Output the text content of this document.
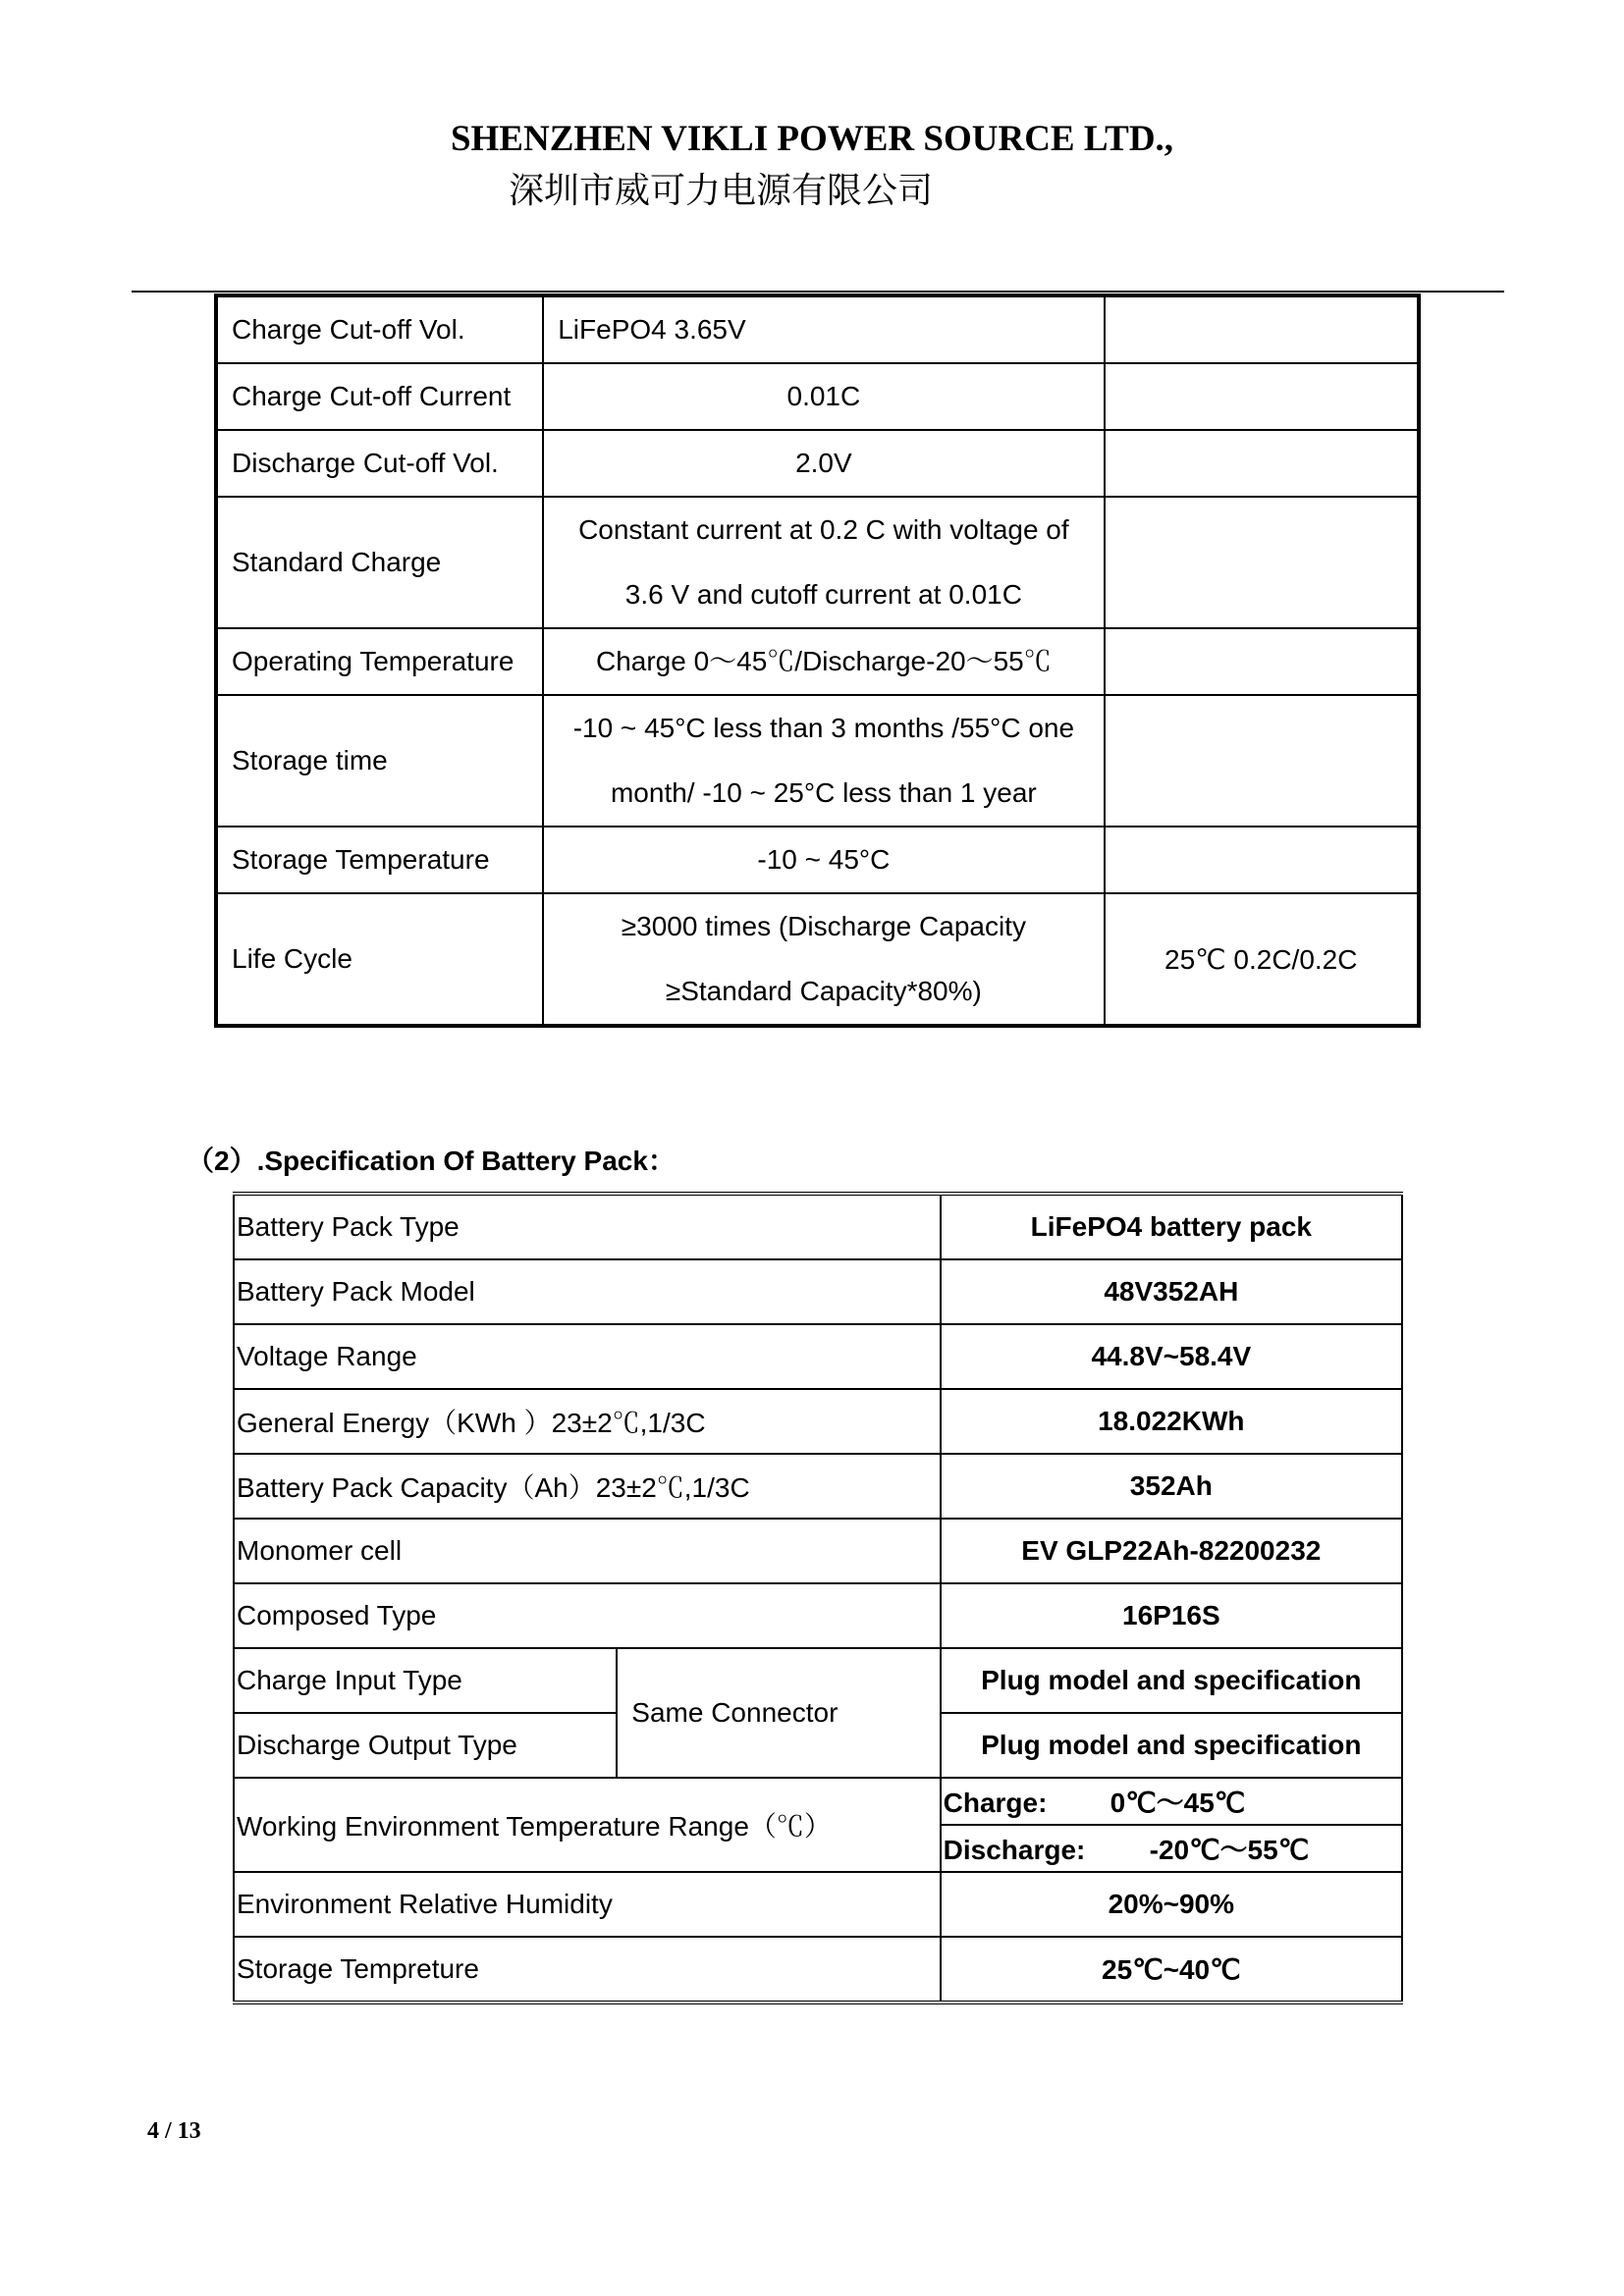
SHENZHEN VIKLI POWER SOURCE LTD.,
深圳市威可力电源有限公司
Charge Cut-off Vol.	LiFePO4 3.65V	
Charge Cut-off Current	0.01C	
Discharge Cut-off Vol.	2.0V	
Standard Charge	Constant current at 0.2 C with voltage of
3.6 V and cutoff current at 0.01C	

Operating Temperature	Charge 0～45℃/Discharge-20～55℃	
Storage time	-10 ~ 45°C less than 3 months /55°C one
month/ -10 ~ 25°C less than 1 year	

Storage Temperature	-10 ~ 45°C	
Life Cycle	≥3000 times (Discharge Capacity
≥Standard Capacity*80%)	25℃ 0.2C/0.2C
（2）.Specification Of Battery Pack：
Battery Pack Type		LiFePO4 battery pack
Battery Pack Model		48V352AH
Voltage Range		44.8V~58.4V
General Energy（KWh ）23±2℃,1/3C		18.022KWh
Battery Pack Capacity（Ah）23±2℃,1/3C		352Ah
Monomer cell		EV GLP22Ah-82200232
Composed Type		16P16S
Charge Input Type	Same Connector	Plug model and specification
Discharge Output Type		Plug model and specification
Working Environment Temperature Range（℃）		Charge: 0℃～45℃
		Discharge: -20℃～55℃
Environment Relative Humidity		20%~90%
Storage Tempreture		25℃~40℃
4 / 13
